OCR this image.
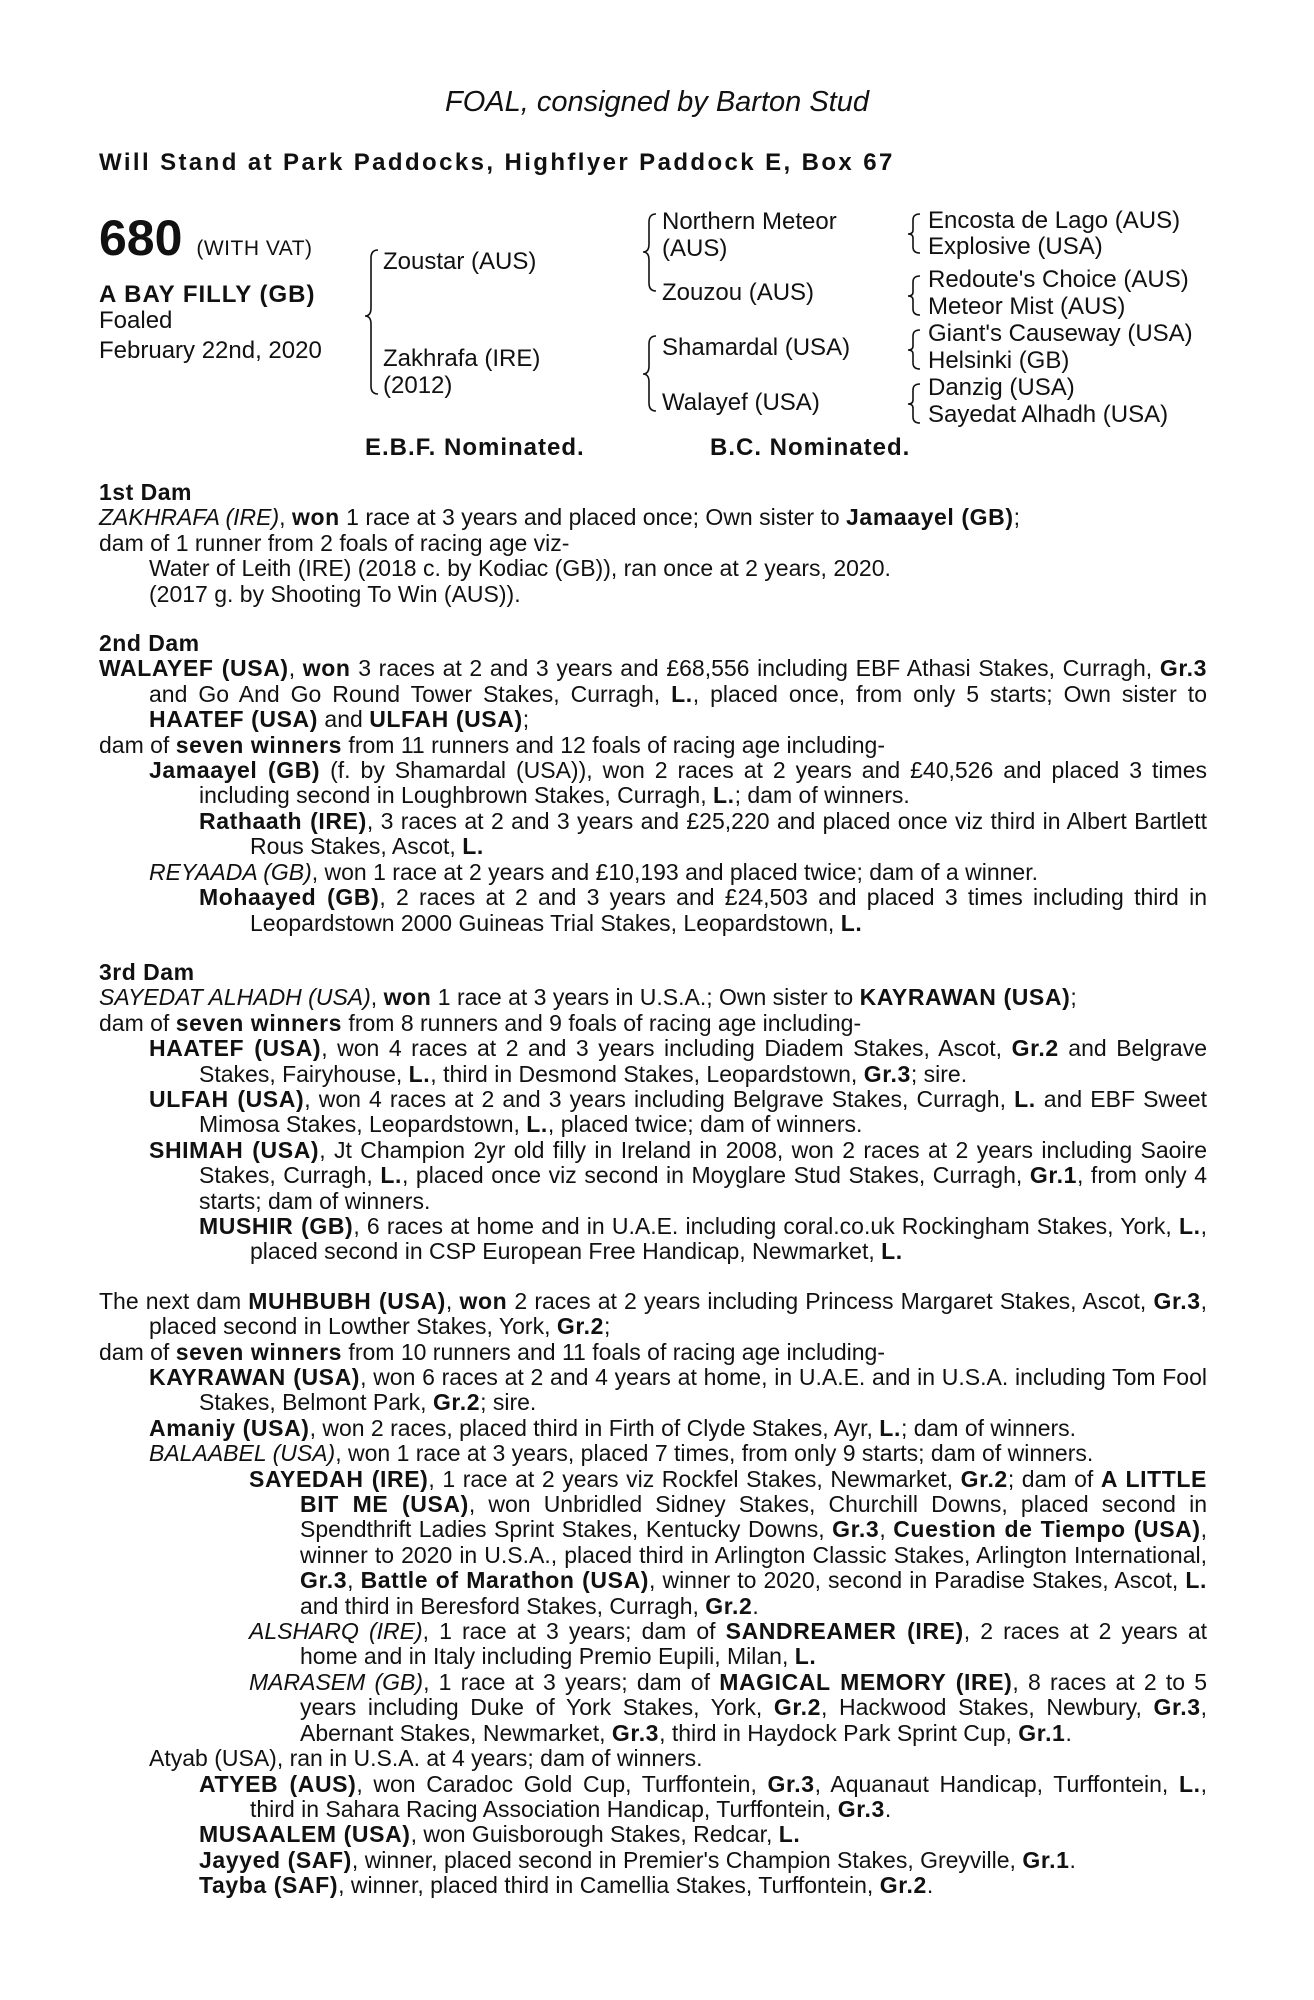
FOAL, consigned by Barton Stud
Will Stand at Park Paddocks, Highflyer Paddock E, Box 67
680 (WITH VAT)
A BAY FILLY (GB)
Foaled
February 22nd, 2020
Zoustar (AUS)
Zakhrafa (IRE)
(2012)
Northern Meteor
(AUS)
Zouzou (AUS)
Shamardal (USA)
Walayef (USA)
Encosta de Lago (AUS)
Explosive (USA)
Redoute's Choice (AUS)
Meteor Mist (AUS)
Giant's Causeway (USA)
Helsinki (GB)
Danzig (USA)
Sayedat Alhadh (USA)
E.B.F. Nominated.	B.C. Nominated.
1st Dam

ZAKHRAFA (IRE), won 1 race at 3 years and placed once; Own sister to Jamaayel (GB);

dam of 1 runner from 2 foals of racing age viz-

Water of Leith (IRE) (2018 c. by Kodiac (GB)), ran once at 2 years, 2020.

(2017 g. by Shooting To Win (AUS)).

2nd Dam

WALAYEF (USA), won 3 races at 2 and 3 years and £68,556 including EBF Athasi Stakes, Curragh, Gr.3 and Go And Go Round Tower Stakes, Curragh, L., placed once, from only 5 starts; Own sister to HAATEF (USA) and ULFAH (USA);

dam of seven winners from 11 runners and 12 foals of racing age including-

Jamaayel (GB) (f. by Shamardal (USA)), won 2 races at 2 years and £40,526 and placed 3 times including second in Loughbrown Stakes, Curragh, L.; dam of winners.

Rathaath (IRE), 3 races at 2 and 3 years and £25,220 and placed once viz third in Albert Bartlett Rous Stakes, Ascot, L.

REYAADA (GB), won 1 race at 2 years and £10,193 and placed twice; dam of a winner.

Mohaayed (GB), 2 races at 2 and 3 years and £24,503 and placed 3 times including third in Leopardstown 2000 Guineas Trial Stakes, Leopardstown, L.

3rd Dam

SAYEDAT ALHADH (USA), won 1 race at 3 years in U.S.A.; Own sister to KAYRAWAN (USA);

dam of seven winners from 8 runners and 9 foals of racing age including-

HAATEF (USA), won 4 races at 2 and 3 years including Diadem Stakes, Ascot, Gr.2 and Belgrave Stakes, Fairyhouse, L., third in Desmond Stakes, Leopardstown, Gr.3; sire.

ULFAH (USA), won 4 races at 2 and 3 years including Belgrave Stakes, Curragh, L. and EBF Sweet Mimosa Stakes, Leopardstown, L., placed twice; dam of winners.

SHIMAH (USA), Jt Champion 2yr old filly in Ireland in 2008, won 2 races at 2 years including Saoire Stakes, Curragh, L., placed once viz second in Moyglare Stud Stakes, Curragh, Gr.1, from only 4 starts; dam of winners.

MUSHIR (GB), 6 races at home and in U.A.E. including coral.co.uk Rockingham Stakes, York, L., placed second in CSP European Free Handicap, Newmarket, L.

The next dam MUHBUBH (USA), won 2 races at 2 years including Princess Margaret Stakes, Ascot, Gr.3, placed second in Lowther Stakes, York, Gr.2;

dam of seven winners from 10 runners and 11 foals of racing age including-

KAYRAWAN (USA), won 6 races at 2 and 4 years at home, in U.A.E. and in U.S.A. including Tom Fool Stakes, Belmont Park, Gr.2; sire.

Amaniy (USA), won 2 races, placed third in Firth of Clyde Stakes, Ayr, L.; dam of winners.

BALAABEL (USA), won 1 race at 3 years, placed 7 times, from only 9 starts; dam of winners.

SAYEDAH (IRE), 1 race at 2 years viz Rockfel Stakes, Newmarket, Gr.2; dam of A LITTLE BIT ME (USA), won Unbridled Sidney Stakes, Churchill Downs, placed second in Spendthrift Ladies Sprint Stakes, Kentucky Downs, Gr.3, Cuestion de Tiempo (USA), winner to 2020 in U.S.A., placed third in Arlington Classic Stakes, Arlington International, Gr.3, Battle of Marathon (USA), winner to 2020, second in Paradise Stakes, Ascot, L. and third in Beresford Stakes, Curragh, Gr.2.

ALSHARQ (IRE), 1 race at 3 years; dam of SANDREAMER (IRE), 2 races at 2 years at home and in Italy including Premio Eupili, Milan, L.

MARASEM (GB), 1 race at 3 years; dam of MAGICAL MEMORY (IRE), 8 races at 2 to 5 years including Duke of York Stakes, York, Gr.2, Hackwood Stakes, Newbury, Gr.3, Abernant Stakes, Newmarket, Gr.3, third in Haydock Park Sprint Cup, Gr.1.

Atyab (USA), ran in U.S.A. at 4 years; dam of winners.

ATYEB (AUS), won Caradoc Gold Cup, Turffontein, Gr.3, Aquanaut Handicap, Turffontein, L., third in Sahara Racing Association Handicap, Turffontein, Gr.3.

MUSAALEM (USA), won Guisborough Stakes, Redcar, L.

Jayyed (SAF), winner, placed second in Premier's Champion Stakes, Greyville, Gr.1.

Tayba (SAF), winner, placed third in Camellia Stakes, Turffontein, Gr.2.
